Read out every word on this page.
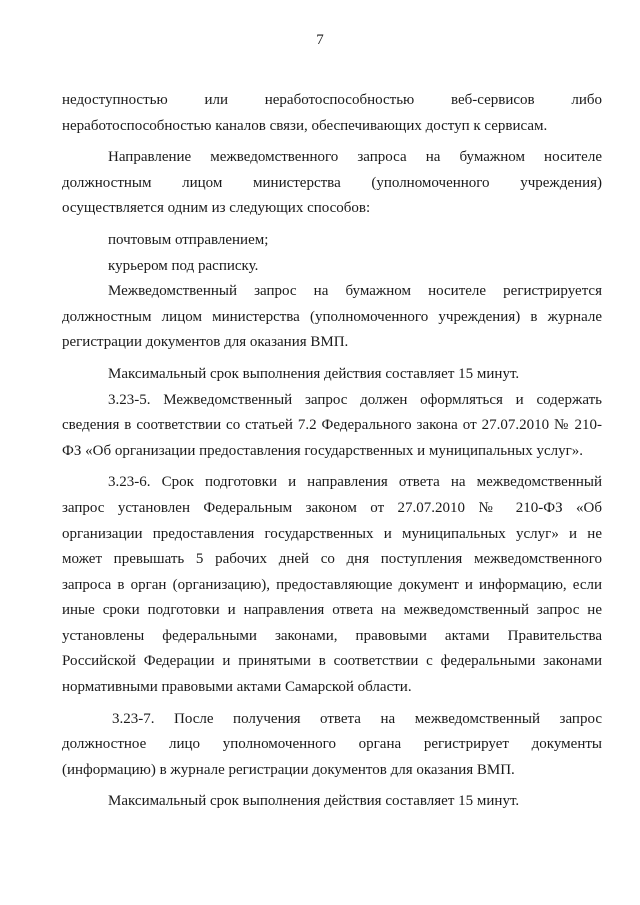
7
недоступностью или неработоспособностью веб-сервисов либо
неработоспособностью каналов связи, обеспечивающих доступ к сервисам.
Направление межведомственного запроса на бумажном носителе
должностным лицом министерства (уполномоченного учреждения)
осуществляется одним из следующих способов:
почтовым отправлением;
курьером под расписку.
Межведомственный запрос на бумажном носителе регистрируется
должностным лицом министерства (уполномоченного учреждения) в журнале
регистрации документов для оказания ВМП.
Максимальный срок выполнения действия составляет 15 минут.
3.23-5. Межведомственный запрос должен оформляться и содержать
сведения в соответствии со статьей 7.2 Федерального закона от 27.07.2010 № 210-
ФЗ «Об организации предоставления государственных и муниципальных услуг».
3.23-6. Срок подготовки и направления ответа на межведомственный
запрос установлен Федеральным законом от 27.07.2010 № 210-ФЗ «Об
организации предоставления государственных и муниципальных услуг» и не
может превышать 5 рабочих дней со дня поступления межведомственного
запроса в орган (организацию), предоставляющие документ и информацию, если
иные сроки подготовки и направления ответа на межведомственный запрос не
установлены федеральными законами, правовыми актами Правительства
Российской Федерации и принятыми в соответствии с федеральными законами
нормативными правовыми актами Самарской области.
3.23-7. После получения ответа на межведомственный запрос
должностное лицо уполномоченного органа регистрирует документы
(информацию) в журнале регистрации документов для оказания ВМП.
Максимальный срок выполнения действия составляет 15 минут.
